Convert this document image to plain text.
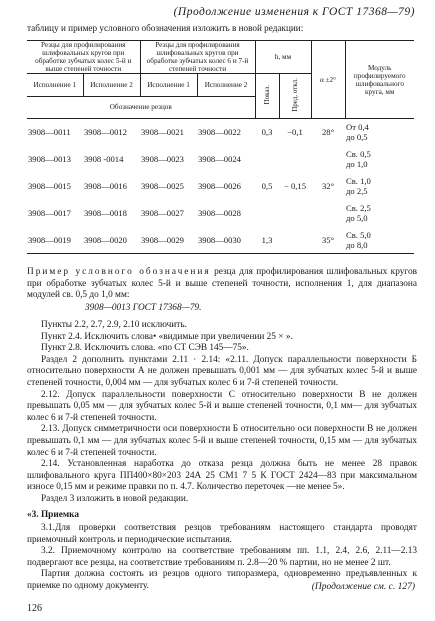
(Продолжение изменения к ГОСТ 17368—79)
таблицу и пример условного обозначения изложить в новой редакции:
Резцы для профилирования шлифовальных кругов при обработке зубчатых колес 5-й и выше степеней точности		Резцы для профилирования шлифовальных кругов при обработке зубчатых колес 6 и 7-й степеней точности		h, мм		α ±2°	Модуль профилируемого шлифовального круга, мм
Исполнение 1	Исполнение 2	Исполнение 1	Исполнение 2	Показ.	Пред. откл.		
Обозначение резцов							
3908—0011	3908—0012	3908—0021	3908—0022	0,3	−0,1	28°	От 0,4
до 0,5
3908—0013	3908 -0014	3908—0023	3908—0024				Св. 0,5
до 1,0
3908—0015	3908—0016	3908—0025	3908—0026	0,5	− 0,15	32°	Св. 1,0
до 2,5
3908—0017	3908—0018	3908—0027	3908—0028				Св. 2,5
до 5,0
3908—0019	3908—0020	3908—0029	3908—0030	1,3		35°	Св. 5,0
до 8,0
Пример условного обозначения резца для профилирования шлифовальных кругов при обработке зубчатых колес 5-й и выше степеней точности, исполнения 1, для диапазона модулей св. 0,5 до 1,0 мм:
3908—0013 ГОСТ 17368—79.

Пункты 2.2, 2.7, 2.9, 2.10 исключить.

Пункт 2.4. Исключить слова• «видимые при увеличении 25 × ».

Пункт 2.8. Исключить слова. «по СТ СЭВ 145—75».

Раздел 2 дополнить пунктами 2.11 · 2.14: «2.11. Допуск параллельности поверхности Б относительно поверхности А не должен превышать 0,001 мм — для зубчатых колес 5-й и выше степеней точности, 0,004 мм — для зубчатых колес 6 и 7-й степеней точности.

2.12. Допуск параллельности поверхности С относительно поверхности В не должен превышать 0,05 мм — для зубчатых колес 5-й и выше степеней точности, 0,1 мм— для зубчатых колес 6 и 7-й степеней точности.

2.13. Допуск симметричности оси поверхности Б относительно оси поверхности В не должен превышать 0,1 мм — для зубчатых колес 5-й и выше степеней точности, 0,15 мм — для зубчатых колес 6 и 7-й степеней точности.

2.14. Установленная наработка до отказа резца должна быть не менее 28 правок шлифовального круга ПП400×80×203 24А 25 СМ1 7 5 К ГОСТ 2424—83 при максимальном износе 0,15 мм и режиме правки по п. 4.7. Количество переточек —не менее 5».

Раздел 3 изложить в новой редакции.

«3. Приемка

3.1.Для проверки соответствия резцов требованиям настоящего стандарта проводят приемочный контроль и периодические испытания.

3.2. Приемочному контролю на соответствие требованиям пп. 1.1, 2.4, 2.6, 2.11—2.13 подвергают все резцы, на соответствие требованиям п. 2.8—20 % партии, но не менее 2 шт.

Партия должна состоять из резцов одного типоразмера, одновременно предъявленных к приемке по одному документу.	(Продолжение см. с. 127)
126
